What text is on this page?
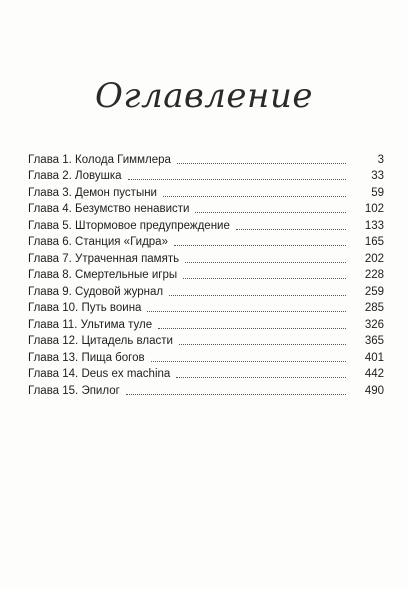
Оглавление
Глава 1. Колода Гиммлера	3
Глава 2. Ловушка	33
Глава 3. Демон пустыни	59
Глава 4. Безумство ненависти	102
Глава 5. Штормовое предупреждение	133
Глава 6. Станция «Гидра»	165
Глава 7. Утраченная память	202
Глава 8. Смертельные игры	228
Глава 9. Судовой журнал	259
Глава 10. Путь воина	285
Глава 11. Ультима туле	326
Глава 12. Цитадель власти	365
Глава 13. Пища богов	401
Глава 14. Deus ex machina	442
Глава 15. Эпилог	490
